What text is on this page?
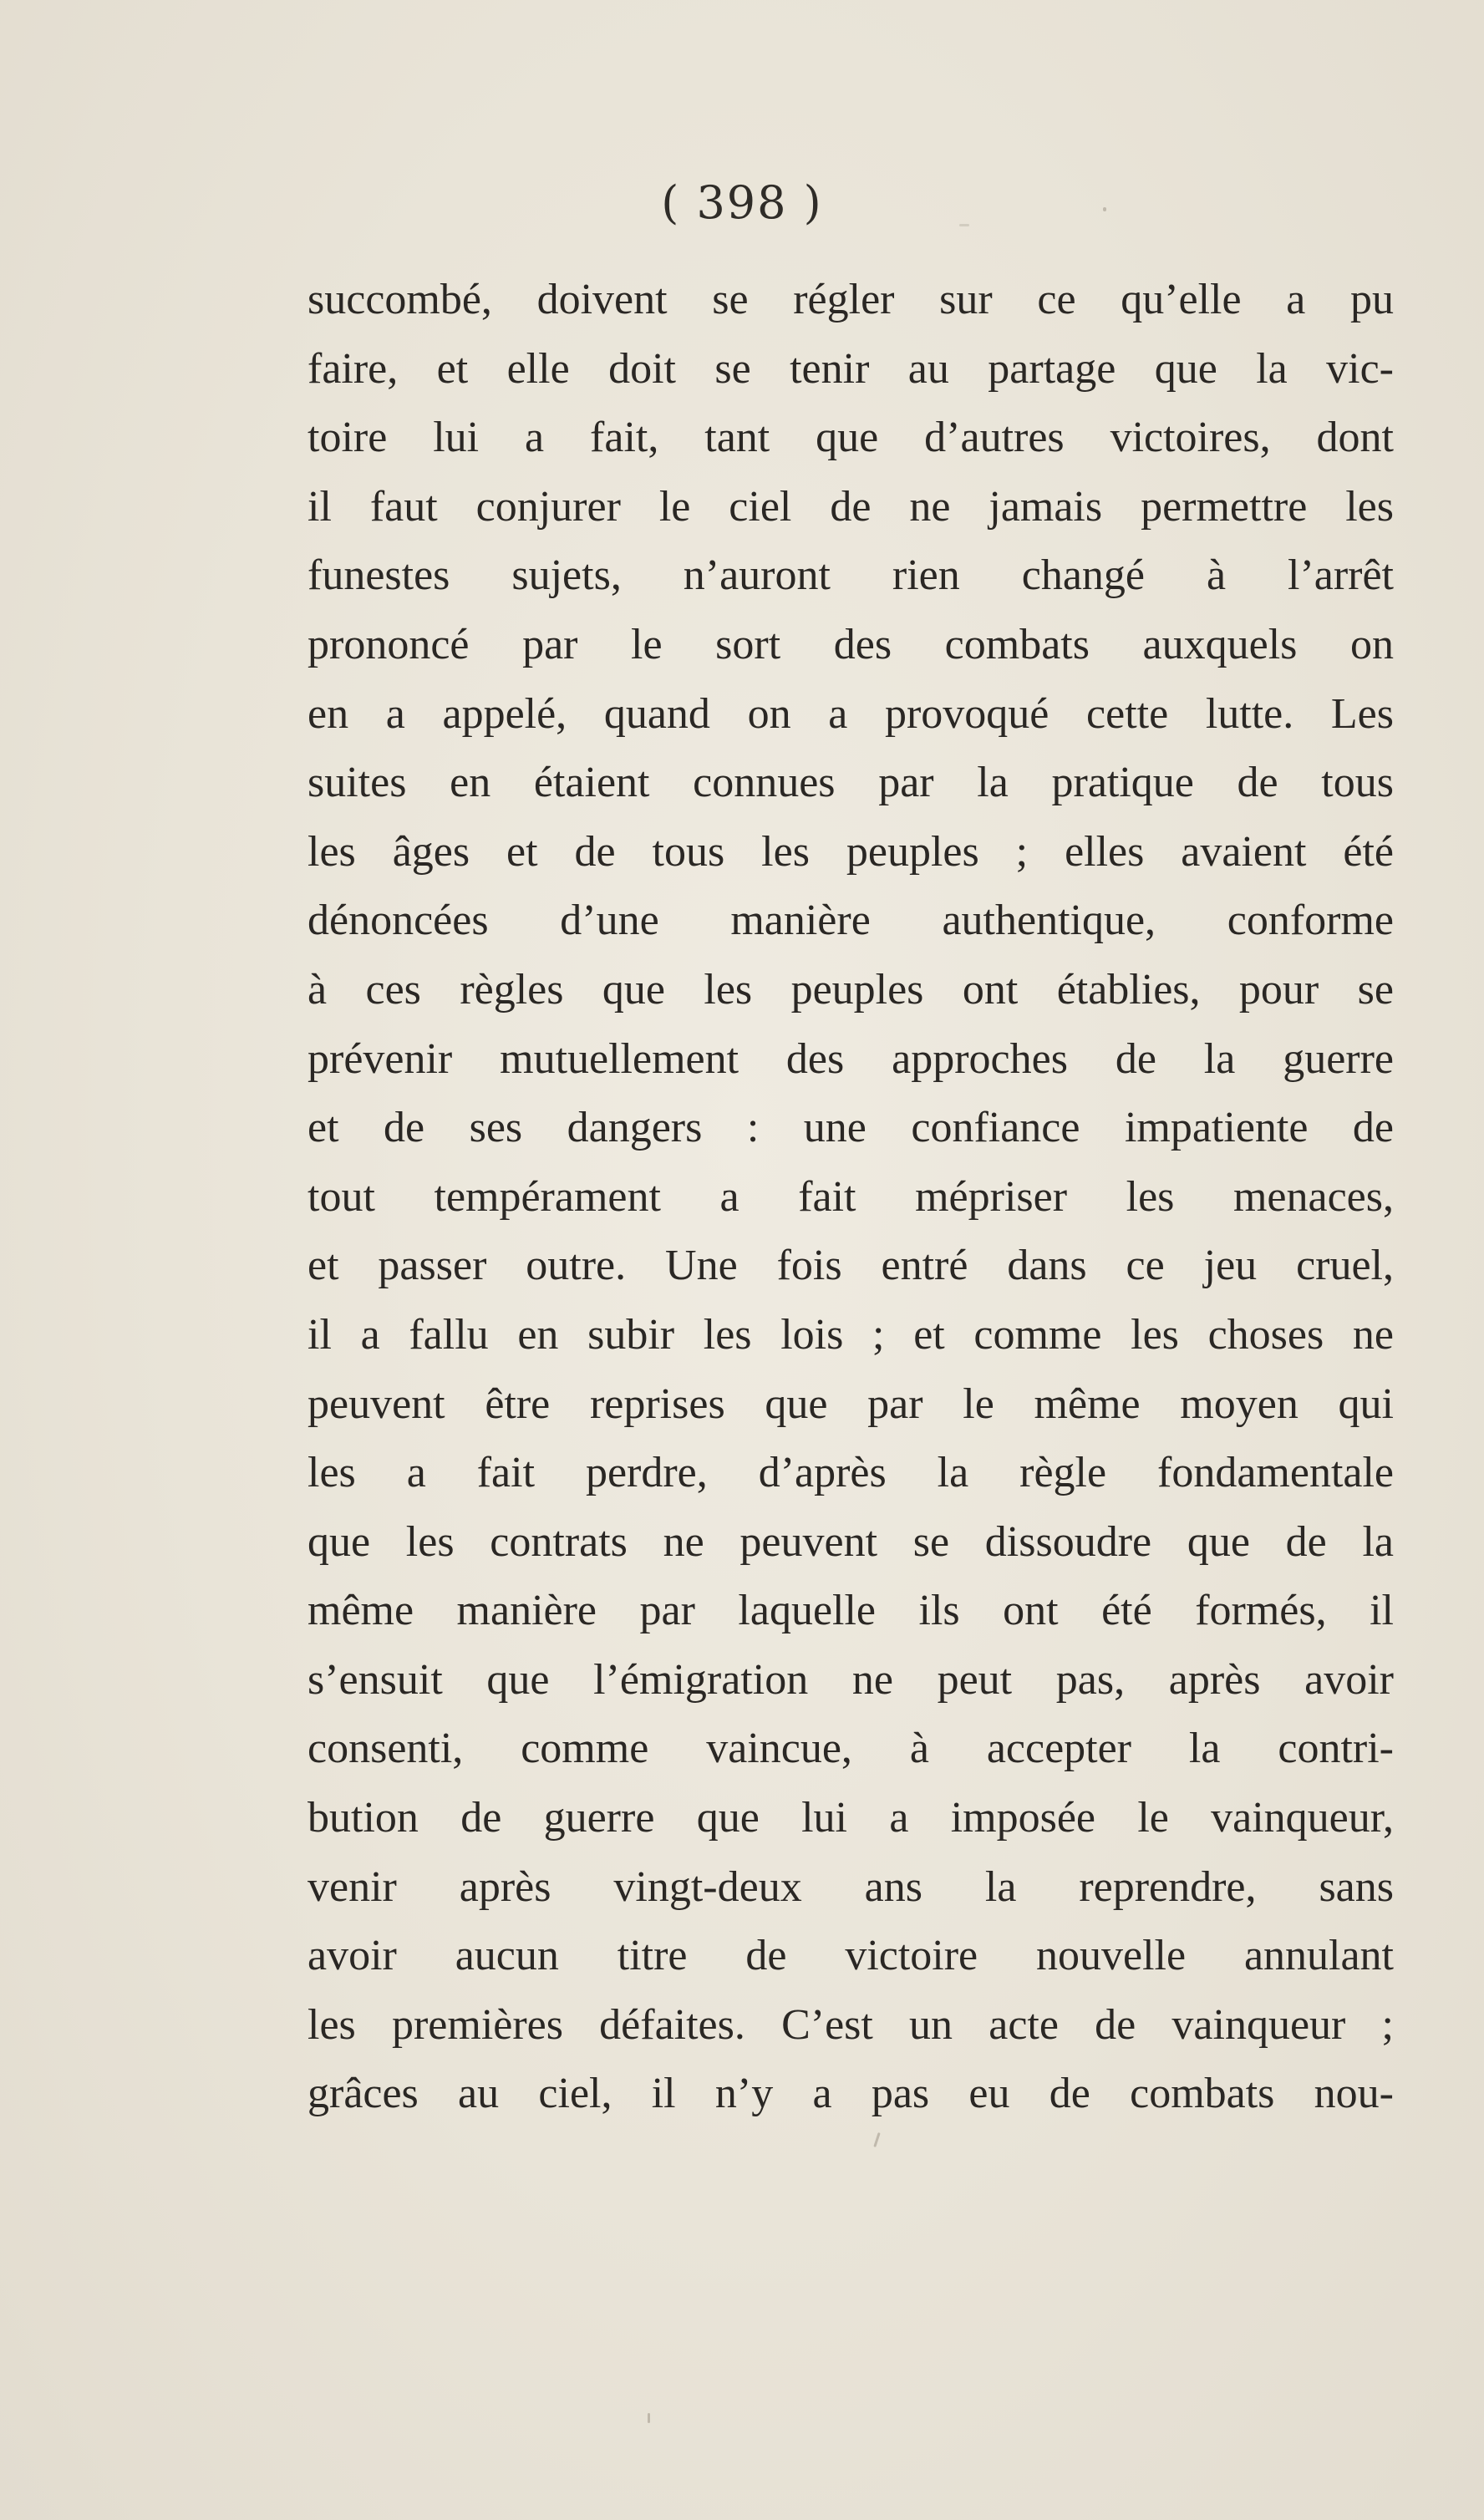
( 398 )
succombé, doivent se régler sur ce qu’elle a pu
faire, et elle doit se tenir au partage que la vic-
toire lui a fait, tant que d’autres victoires, dont
il faut conjurer le ciel de ne jamais permettre les
funestes sujets, n’auront rien changé à l’arrêt
prononcé par le sort des combats auxquels on
en a appelé, quand on a provoqué cette lutte. Les
suites en étaient connues par la pratique de tous
les âges et de tous les peuples ; elles avaient été
dénoncées d’une manière authentique, conforme
à ces règles que les peuples ont établies, pour se
prévenir mutuellement des approches de la guerre
et de ses dangers : une confiance impatiente de
tout tempérament a fait mépriser les menaces,
et passer outre. Une fois entré dans ce jeu cruel,
il a fallu en subir les lois ; et comme les choses ne
peuvent être reprises que par le même moyen qui
les a fait perdre, d’après la règle fondamentale
que les contrats ne peuvent se dissoudre que de la
même manière par laquelle ils ont été formés, il
s’ensuit que l’émigration ne peut pas, après avoir
consenti, comme vaincue, à accepter la contri-
bution de guerre que lui a imposée le vainqueur,
venir après vingt-deux ans la reprendre, sans
avoir aucun titre de victoire nouvelle annulant
les premières défaites. C’est un acte de vainqueur ;
grâces au ciel, il n’y a pas eu de combats nou-
